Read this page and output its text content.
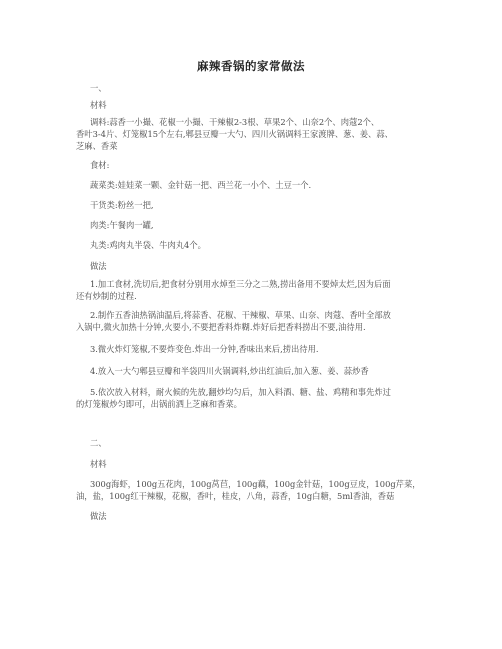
麻辣香锅的家常做法

一、

材料

调料:蒜香一小撮、花椒一小撮、干辣椒2-3根、草果2个、山奈2个、肉蔻2个、

香叶3-4片、灯笼椒15个左右,郫县豆瓣一大勺、四川火锅调料王家渡牌、葱、姜、蒜、

芝麻、香菜

食材:

蔬菜类:娃娃菜一颗、金针菇一把、西兰花一小个、土豆一个.

干货类:粉丝一把,

肉类:午餐肉一罐,

丸类:鸡肉丸半袋、牛肉丸4个。

做法

1.加工食材,洗切后,把食材分别用水焯至三分之二熟,捞出备用不要焯太烂,因为后面

还有炒制的过程.

2.制作五香油热锅油温后,将蒜香、花椒、干辣椒、草果、山奈、肉蔻、香叶全部放

入锅中,微火加热十分钟,火要小,不要把香料炸糊.炸好后把香料捞出不要,油待用.

3.微火炸灯笼椒,不要炸变色.炸出一分钟,香味出来后,捞出待用.

4.放入一大勺郫县豆瓣和半袋四川火锅调料,炒出红油后,加入葱、姜、蒜炒香

5.依次放入材料，耐火候的先放,翻炒均匀后，加入料酒、糖、盐、鸡精和事先炸过

的灯笼椒炒匀即可，出锅前洒上芝麻和香菜。

二、

材料

300g海虾，100g五花肉，100g莴苣，100g藕，100g金针菇，100g豆皮，100g芹菜，

油，盐，100g红干辣椒，花椒，香叶，桂皮，八角，蒜香，10g白糖，5ml香油，香菇

做法
